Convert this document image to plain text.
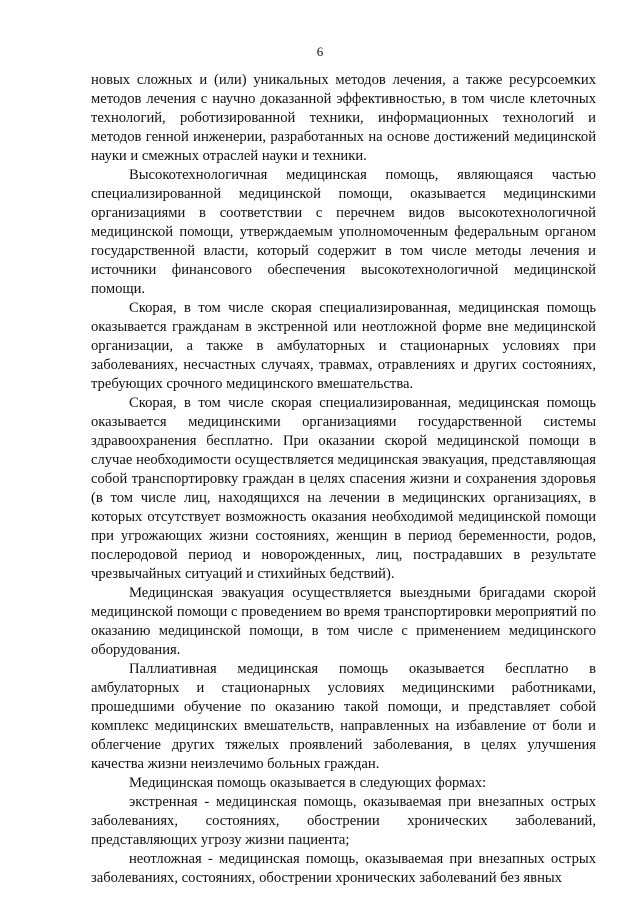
6

новых сложных и (или) уникальных методов лечения, а также ресурсоемких методов лечения с научно доказанной эффективностью, в том числе клеточных технологий, роботизированной техники, информационных технологий и методов генной инженерии, разработанных на основе достижений медицинской науки и смежных отраслей науки и техники.

Высокотехнологичная медицинская помощь, являющаяся частью специализированной медицинской помощи, оказывается медицинскими организациями в соответствии с перечнем видов высокотехнологичной медицинской помощи, утверждаемым уполномоченным федеральным органом государственной власти, который содержит в том числе методы лечения и источники финансового обеспечения высокотехнологичной медицинской помощи.

Скорая, в том числе скорая специализированная, медицинская помощь оказывается гражданам в экстренной или неотложной форме вне медицинской организации, а также в амбулаторных и стационарных условиях при заболеваниях, несчастных случаях, травмах, отравлениях и других состояниях, требующих срочного медицинского вмешательства.

Скорая, в том числе скорая специализированная, медицинская помощь оказывается медицинскими организациями государственной системы здравоохранения бесплатно. При оказании скорой медицинской помощи в случае необходимости осуществляется медицинская эвакуация, представляющая собой транспортировку граждан в целях спасения жизни и сохранения здоровья (в том числе лиц, находящихся на лечении в медицинских организациях, в которых отсутствует возможность оказания необходимой медицинской помощи при угрожающих жизни состояниях, женщин в период беременности, родов, послеродовой период и новорожденных, лиц, пострадавших в результате чрезвычайных ситуаций и стихийных бедствий).

Медицинская эвакуация осуществляется выездными бригадами скорой медицинской помощи с проведением во время транспортировки мероприятий по оказанию медицинской помощи, в том числе с применением медицинского оборудования.

Паллиативная медицинская помощь оказывается бесплатно в амбулаторных и стационарных условиях медицинскими работниками, прошедшими обучение по оказанию такой помощи, и представляет собой комплекс медицинских вмешательств, направленных на избавление от боли и облегчение других тяжелых проявлений заболевания, в целях улучшения качества жизни неизлечимо больных граждан.

Медицинская помощь оказывается в следующих формах:

экстренная - медицинская помощь, оказываемая при внезапных острых заболеваниях, состояниях, обострении хронических заболеваний, представляющих угрозу жизни пациента;

неотложная - медицинская помощь, оказываемая при внезапных острых заболеваниях, состояниях, обострении хронических заболеваний без явных
